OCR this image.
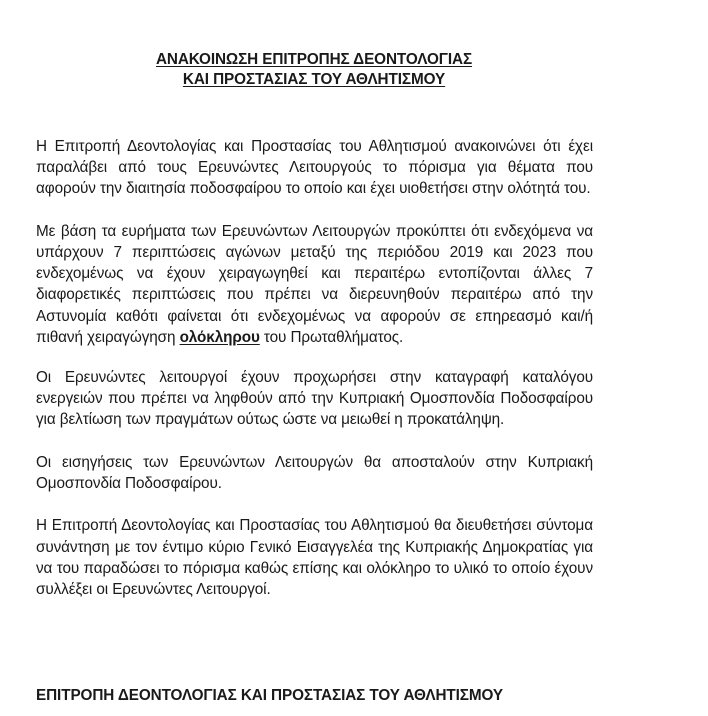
ΑΝΑΚΟΙΝΩΣΗ ΕΠΙΤΡΟΠΗΣ ΔΕΟΝΤΟΛΟΓΙΑΣ
ΚΑΙ ΠΡΟΣΤΑΣΙΑΣ ΤΟΥ ΑΘΛΗΤΙΣΜΟΥ

Η Επιτροπή Δεοντολογίας και Προστασίας του Αθλητισμού ανακοινώνει ότι έχει παραλάβει από τους Ερευνώντες Λειτουργούς το πόρισμα για θέματα που αφορούν την διαιτησία ποδοσφαίρου το οποίο και έχει υιοθετήσει στην ολότητά του.

Με βάση τα ευρήματα των Ερευνώντων Λειτουργών προκύπτει ότι ενδεχόμενα να υπάρχουν 7 περιπτώσεις αγώνων μεταξύ της περιόδου 2019 και 2023 που ενδεχομένως να έχουν χειραγωγηθεί και περαιτέρω εντοπίζονται άλλες 7 διαφορετικές περιπτώσεις που πρέπει να διερευνηθούν περαιτέρω από την Αστυνομία καθότι φαίνεται ότι ενδεχομένως να αφορούν σε επηρεασμό και/ή πιθανή χειραγώγηση ολόκληρου του Πρωταθλήματος.

Οι Ερευνώντες λειτουργοί έχουν προχωρήσει στην καταγραφή καταλόγου ενεργειών που πρέπει να ληφθούν από την Κυπριακή Ομοσπονδία Ποδοσφαίρου για βελτίωση των πραγμάτων ούτως ώστε να μειωθεί η προκατάληψη.

Οι εισηγήσεις των Ερευνώντων Λειτουργών θα αποσταλούν στην Κυπριακή Ομοσπονδία Ποδοσφαίρου.

Η Επιτροπή Δεοντολογίας και Προστασίας του Αθλητισμού θα διευθετήσει σύντομα συνάντηση με τον έντιμο κύριο Γενικό Εισαγγελέα της Κυπριακής Δημοκρατίας για να του παραδώσει το πόρισμα καθώς επίσης και ολόκληρο το υλικό το οποίο έχουν συλλέξει οι Ερευνώντες Λειτουργοί.

ΕΠΙΤΡΟΠΗ ΔΕΟΝΤΟΛΟΓΙΑΣ ΚΑΙ ΠΡΟΣΤΑΣΙΑΣ ΤΟΥ ΑΘΛΗΤΙΣΜΟΥ
